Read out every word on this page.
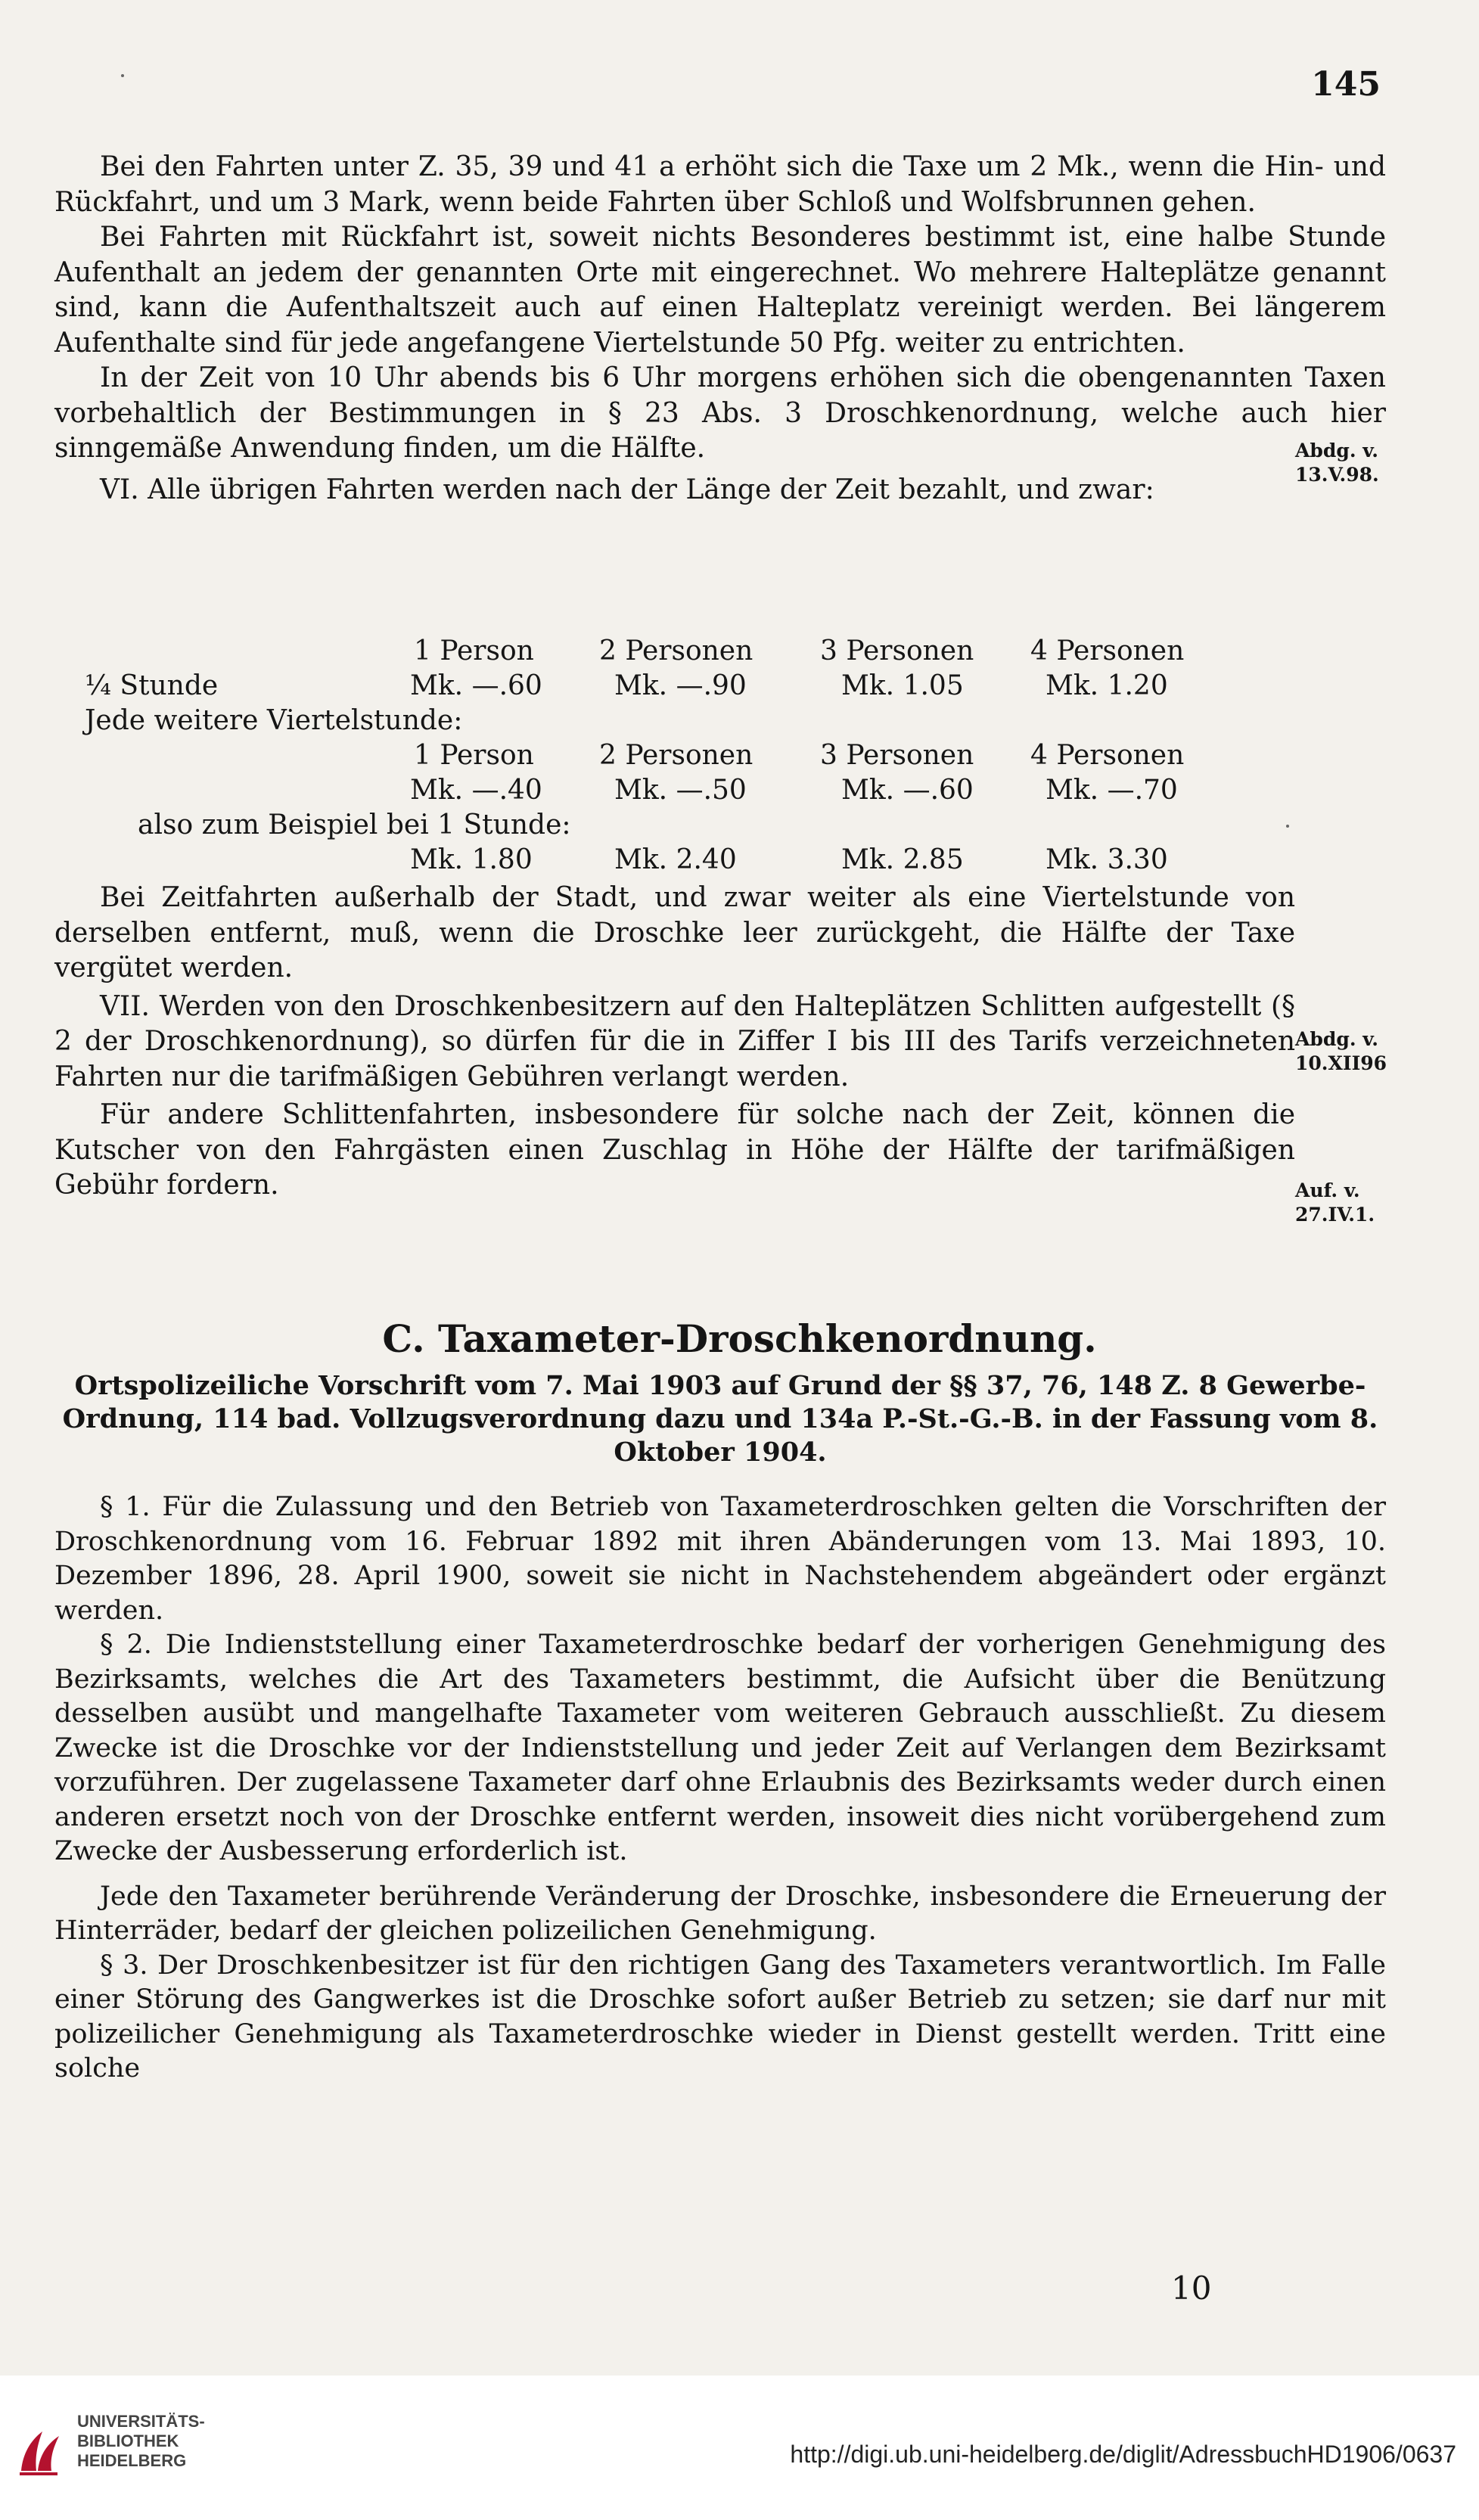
145

Bei den Fahrten unter Z. 35, 39 und 41 a erhöht sich die Taxe um 2 Mk., wenn die Hin- und Rückfahrt, und um 3 Mark, wenn beide Fahrten über Schloß und Wolfsbrunnen gehen.

Bei Fahrten mit Rückfahrt ist, soweit nichts Besonderes bestimmt ist, eine halbe Stunde Aufenthalt an jedem der genannten Orte mit eingerechnet. Wo mehrere Halteplätze genannt sind, kann die Aufenthaltszeit auch auf einen Halteplatz vereinigt werden. Bei längerem Aufenthalte sind für jede angefangene Viertelstunde 50 Pfg. weiter zu entrichten.

In der Zeit von 10 Uhr abends bis 6 Uhr morgens erhöhen sich die obengenannten Taxen vorbehaltlich der Bestimmungen in § 23 Abs. 3 Droschkenordnung, welche auch hier sinngemäße Anwendung finden, um die Hälfte.

VI. Alle übrigen Fahrten werden nach der Länge der Zeit bezahlt, und zwar:

1 Person 2 Personen 3 Personen 4 Personen
¼ Stunde	Mk. —.60	Mk. —.90	Mk. 1.05	Mk. 1.20
Jede weitere Viertelstunde:
1 Person 2 Personen 3 Personen 4 Personen
Mk. —.40	Mk. —.50	Mk. —.60	Mk. —.70
also zum Beispiel bei 1 Stunde:
Mk. 1.80	Mk. 2.40	Mk. 2.85	Mk. 3.30

Bei Zeitfahrten außerhalb der Stadt, und zwar weiter als eine Viertelstunde von derselben entfernt, muß, wenn die Droschke leer zurückgeht, die Hälfte der Taxe vergütet werden.

VII. Werden von den Droschkenbesitzern auf den Halteplätzen Schlitten aufgestellt (§ 2 der Droschkenordnung), so dürfen für die in Ziffer I bis III des Tarifs verzeichneten Fahrten nur die tarifmäßigen Gebühren verlangt werden.

Für andere Schlittenfahrten, insbesondere für solche nach der Zeit, können die Kutscher von den Fahrgästen einen Zuschlag in Höhe der Hälfte der tarifmäßigen Gebühr fordern.

Abdg. v.
13.V.98.
Abdg. v.
10.XII96
Auf. v.
27.IV.1.
C. Taxameter-Droschkenordnung.
Ortspolizeiliche Vorschrift vom 7. Mai 1903 auf Grund der §§ 37, 76, 148 Z. 8 Gewerbe-Ordnung, 114 bad. Vollzugsverordnung dazu und 134a P.-St.-G.-B. in der Fassung vom 8. Oktober 1904.

§ 1. Für die Zulassung und den Betrieb von Taxameterdroschken gelten die Vorschriften der Droschkenordnung vom 16. Februar 1892 mit ihren Abänderungen vom 13. Mai 1893, 10. Dezember 1896, 28. April 1900, soweit sie nicht in Nachstehendem abgeändert oder ergänzt werden.

§ 2. Die Indienststellung einer Taxameterdroschke bedarf der vorherigen Genehmigung des Bezirksamts, welches die Art des Taxameters bestimmt, die Aufsicht über die Benützung desselben ausübt und mangelhafte Taxameter vom weiteren Gebrauch ausschließt. Zu diesem Zwecke ist die Droschke vor der Indienststellung und jeder Zeit auf Verlangen dem Bezirksamt vorzuführen. Der zugelassene Taxameter darf ohne Erlaubnis des Bezirksamts weder durch einen anderen ersetzt noch von der Droschke entfernt werden, insoweit dies nicht vorübergehend zum Zwecke der Ausbesserung erforderlich ist.

Jede den Taxameter berührende Veränderung der Droschke, insbesondere die Erneuerung der Hinterräder, bedarf der gleichen polizeilichen Genehmigung.

§ 3. Der Droschkenbesitzer ist für den richtigen Gang des Taxameters verantwortlich. Im Falle einer Störung des Gangwerkes ist die Droschke sofort außer Betrieb zu setzen; sie darf nur mit polizeilicher Genehmigung als Taxameterdroschke wieder in Dienst gestellt werden. Tritt eine solche

10
UNIVERSITÄTS-
BIBLIOTHEK
HEIDELBERG	http://digi.ub.uni-heidelberg.de/diglit/AdressbuchHD1906/0637
